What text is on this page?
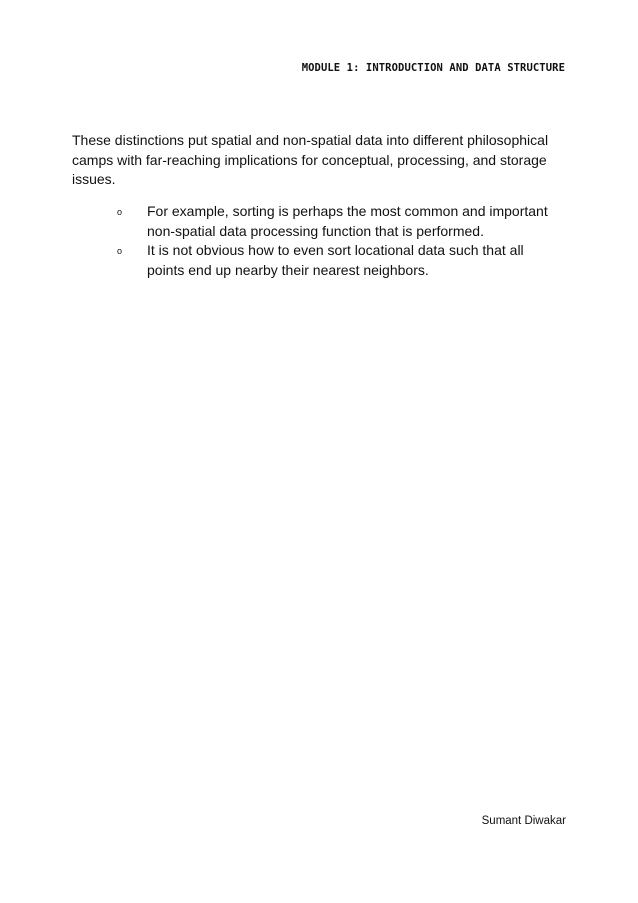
MODULE 1: INTRODUCTION AND DATA STRUCTURE

These distinctions put spatial and non-spatial data into different philosophical camps with far-reaching implications for conceptual, processing, and storage issues.

o	For example, sorting is perhaps the most common and important non-spatial data processing function that is performed.
o	It is not obvious how to even sort locational data such that all points end up nearby their nearest neighbors.
Sumant Diwakar
